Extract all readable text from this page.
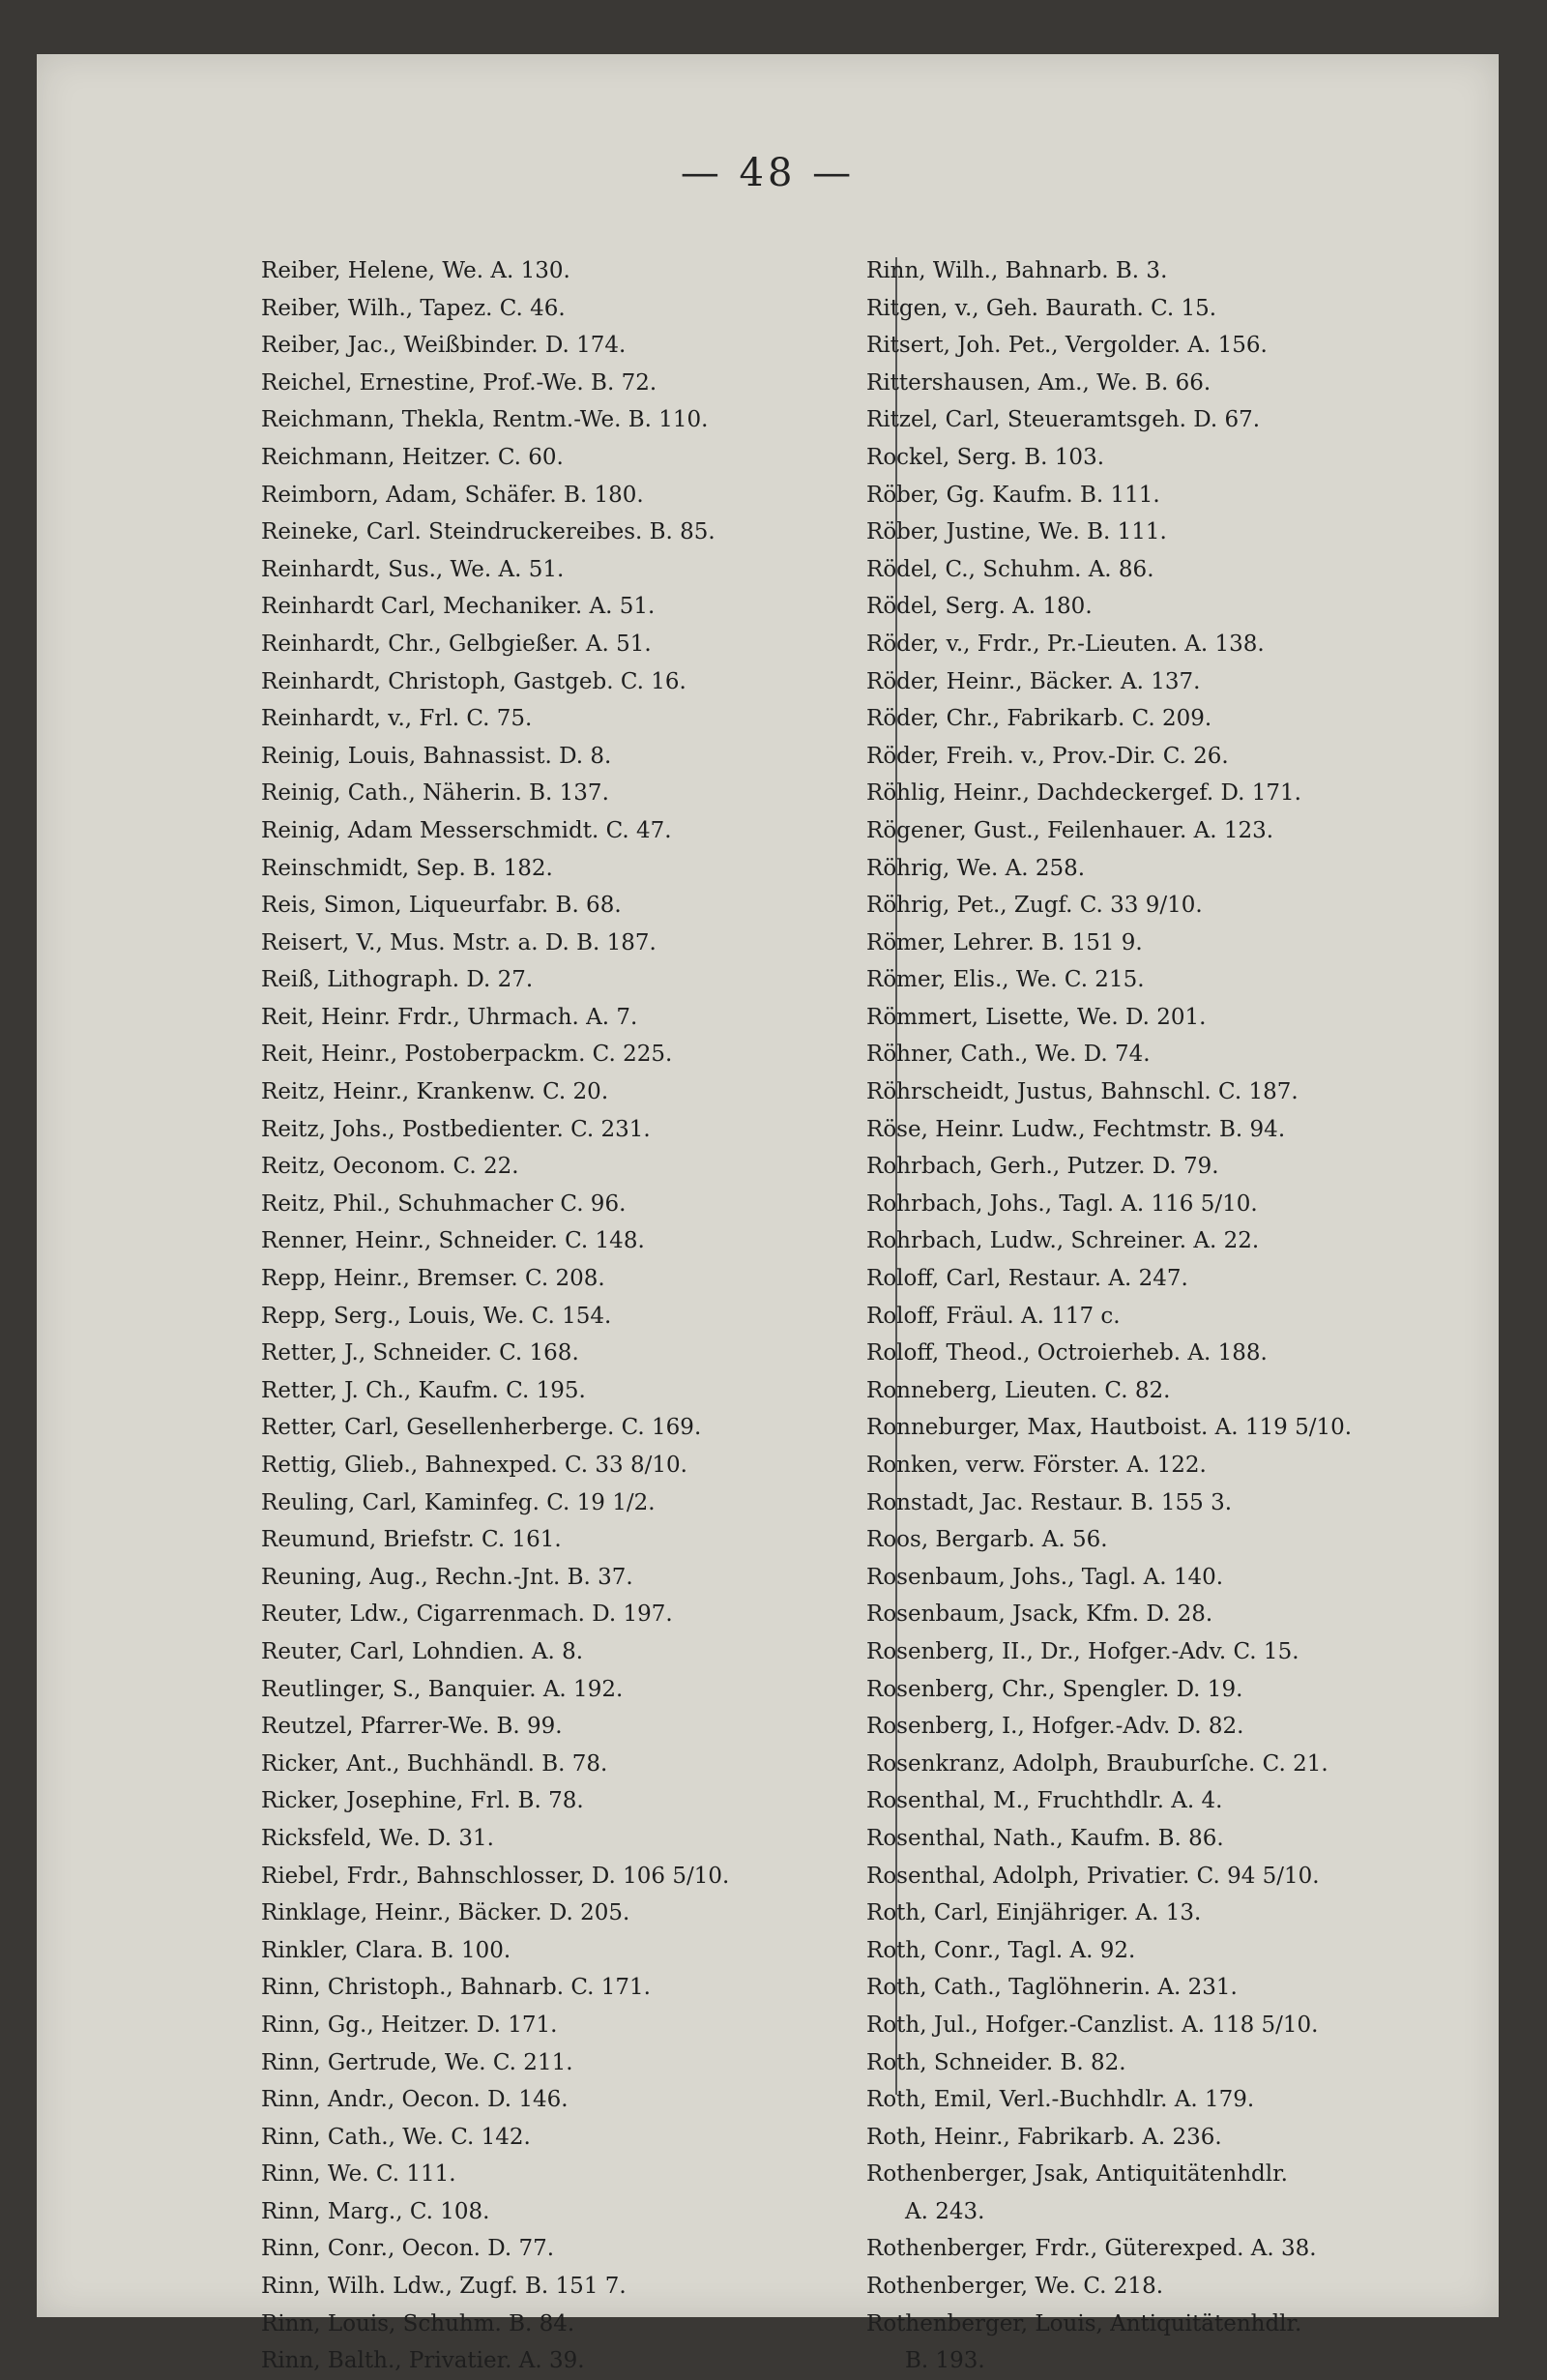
— 48 —
Reiber, Helene, We. A. 130.
Reiber, Wilh., Tapez. C. 46.
Reiber, Jac., Weißbinder. D. 174.
Reichel, Ernestine, Prof.-We. B. 72.
Reichmann, Thekla, Rentm.-We. B. 110.
Reichmann, Heitzer. C. 60.
Reimborn, Adam, Schäfer. B. 180.
Reineke, Carl. Steindruckereibes. B. 85.
Reinhardt, Sus., We. A. 51.
Reinhardt Carl, Mechaniker. A. 51.
Reinhardt, Chr., Gelbgießer. A. 51.
Reinhardt, Christoph, Gastgeb. C. 16.
Reinhardt, v., Frl. C. 75.
Reinig, Louis, Bahnassist. D. 8.
Reinig, Cath., Näherin. B. 137.
Reinig, Adam Messerschmidt. C. 47.
Reinschmidt, Sep. B. 182.
Reis, Simon, Liqueurfabr. B. 68.
Reisert, V., Mus. Mstr. a. D. B. 187.
Reiß, Lithograph. D. 27.
Reit, Heinr. Frdr., Uhrmach. A. 7.
Reit, Heinr., Postoberpackm. C. 225.
Reitz, Heinr., Krankenw. C. 20.
Reitz, Johs., Postbedienter. C. 231.
Reitz, Oeconom. C. 22.
Reitz, Phil., Schuhmacher C. 96.
Renner, Heinr., Schneider. C. 148.
Repp, Heinr., Bremser. C. 208.
Repp, Serg., Louis, We. C. 154.
Retter, J., Schneider. C. 168.
Retter, J. Ch., Kaufm. C. 195.
Retter, Carl, Gesellenherberge. C. 169.
Rettig, Glieb., Bahnexped. C. 33 8/10.
Reuling, Carl, Kaminfeg. C. 19 1/2.
Reumund, Briefstr. C. 161.
Reuning, Aug., Rechn.-Jnt. B. 37.
Reuter, Ldw., Cigarrenmach. D. 197.
Reuter, Carl, Lohndien. A. 8.
Reutlinger, S., Banquier. A. 192.
Reutzel, Pfarrer-We. B. 99.
Ricker, Ant., Buchhändl. B. 78.
Ricker, Josephine, Frl. B. 78.
Ricksfeld, We. D. 31.
Riebel, Frdr., Bahnschlosser, D. 106 5/10.
Rinklage, Heinr., Bäcker. D. 205.
Rinkler, Clara. B. 100.
Rinn, Christoph., Bahnarb. C. 171.
Rinn, Gg., Heitzer. D. 171.
Rinn, Gertrude, We. C. 211.
Rinn, Andr., Oecon. D. 146.
Rinn, Cath., We. C. 142.
Rinn, We. C. 111.
Rinn, Marg., C. 108.
Rinn, Conr., Oecon. D. 77.
Rinn, Wilh. Ldw., Zugf. B. 151 7.
Rinn, Louis, Schuhm. B. 84.
Rinn, Balth., Privatier. A. 39.
Rinn, Wilh., Bahnarb. B. 3.
Ritgen, v., Geh. Baurath. C. 15.
Ritsert, Joh. Pet., Vergolder. A. 156.
Rittershausen, Am., We. B. 66.
Ritzel, Carl, Steueramtsgeh. D. 67.
Rockel, Serg. B. 103.
Röber, Gg. Kaufm. B. 111.
Röber, Justine, We. B. 111.
Rödel, C., Schuhm. A. 86.
Rödel, Serg. A. 180.
Röder, v., Frdr., Pr.-Lieuten. A. 138.
Röder, Heinr., Bäcker. A. 137.
Röder, Chr., Fabrikarb. C. 209.
Röder, Freih. v., Prov.-Dir. C. 26.
Röhlig, Heinr., Dachdeckergef. D. 171.
Rögener, Gust., Feilenhauer. A. 123.
Röhrig, We. A. 258.
Röhrig, Pet., Zugf. C. 33 9/10.
Römer, Lehrer. B. 151 9.
Römer, Elis., We. C. 215.
Römmert, Lisette, We. D. 201.
Röhner, Cath., We. D. 74.
Röhrscheidt, Justus, Bahnschl. C. 187.
Röse, Heinr. Ludw., Fechtmstr. B. 94.
Rohrbach, Gerh., Putzer. D. 79.
Rohrbach, Johs., Tagl. A. 116 5/10.
Rohrbach, Ludw., Schreiner. A. 22.
Roloff, Carl, Restaur. A. 247.
Roloff, Fräul. A. 117 c.
Roloff, Theod., Octroierheb. A. 188.
Ronneberg, Lieuten. C. 82.
Ronneburger, Max, Hautboist. A. 119 5/10.
Ronken, verw. Förster. A. 122.
Ronstadt, Jac. Restaur. B. 155 3.
Roos, Bergarb. A. 56.
Rosenbaum, Johs., Tagl. A. 140.
Rosenbaum, Jsack, Kfm. D. 28.
Rosenberg, II., Dr., Hofger.-Adv. C. 15.
Rosenberg, Chr., Spengler. D. 19.
Rosenberg, I., Hofger.-Adv. D. 82.
Rosenkranz, Adolph, Brauburſche. C. 21.
Rosenthal, M., Fruchthdlr. A. 4.
Rosenthal, Nath., Kaufm. B. 86.
Rosenthal, Adolph, Privatier. C. 94 5/10.
Roth, Carl, Einjähriger. A. 13.
Roth, Conr., Tagl. A. 92.
Roth, Cath., Taglöhnerin. A. 231.
Roth, Jul., Hofger.-Canzlist. A. 118 5/10.
Roth, Schneider. B. 82.
Roth, Emil, Verl.-Buchhdlr. A. 179.
Roth, Heinr., Fabrikarb. A. 236.
Rothenberger, Jsak, Antiquitätenhdlr.
A. 243.
Rothenberger, Frdr., Güterexped. A. 38.
Rothenberger, We. C. 218.
Rothenberger, Louis, Antiquitätenhdlr.
B. 193.
